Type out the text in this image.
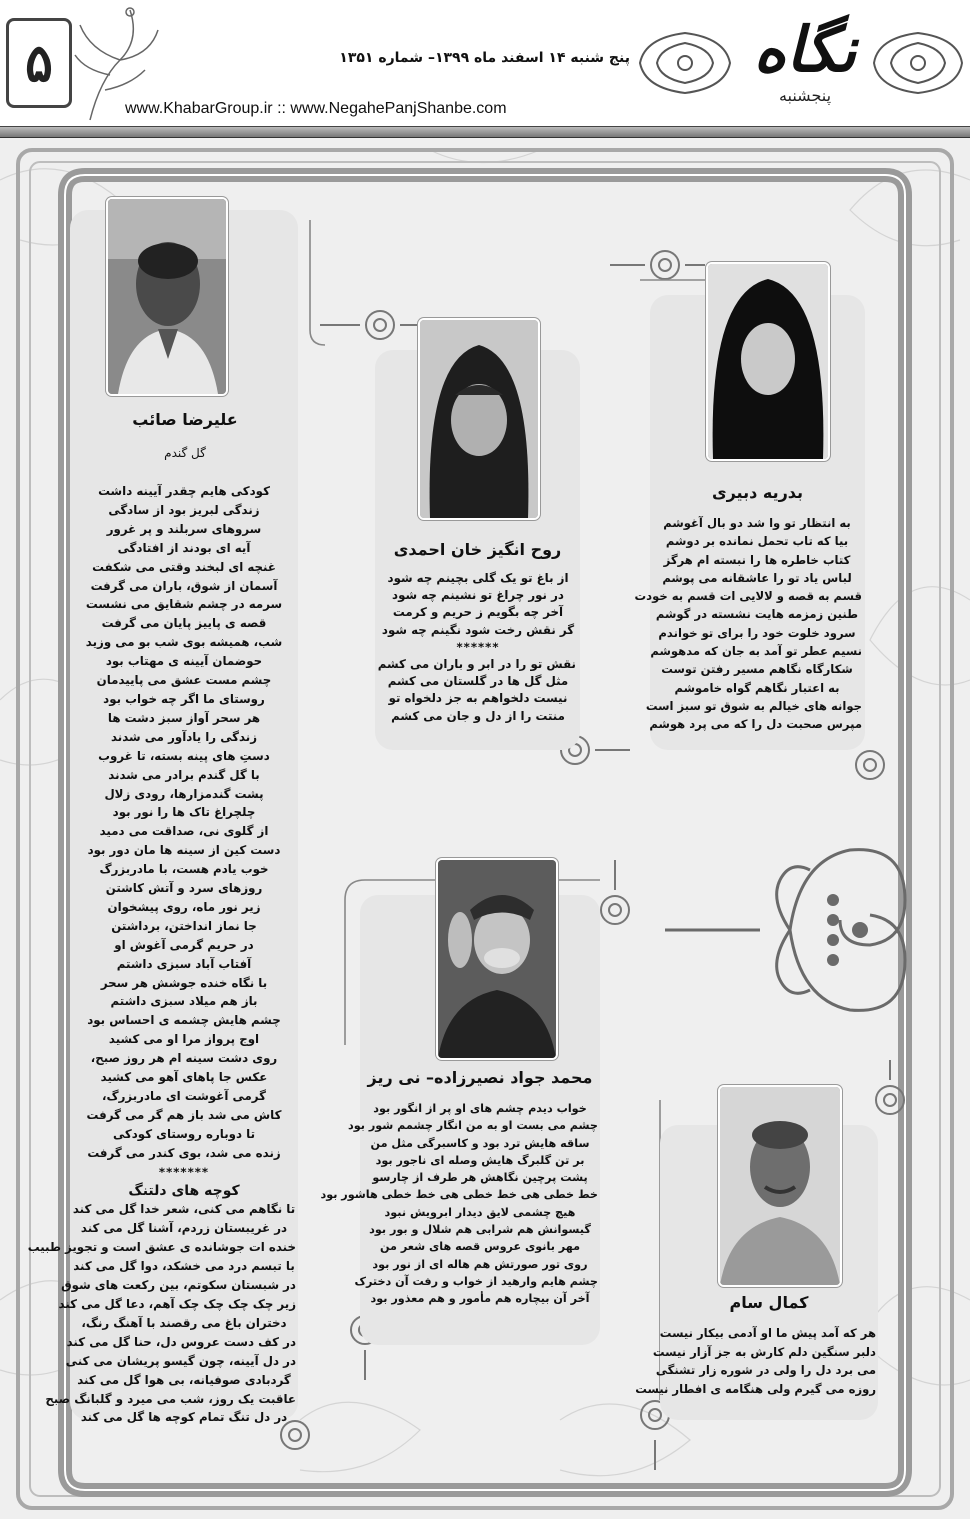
۵	پنج شنبه ۱۴ اسفند ماه ۱۳۹۹– شماره ۱۳۵۱
www.KhabarGroup.ir :: www.NegahePanjShanbe.com
نگاه
پنجشنبه
علیرضا صائب
گل گندم
کودکی هایم چقدر آیینه داشت
زندگی لبریز بود از سادگی
سروهای سربلند و پر غرور
آیه ای بودند از افتادگی
غنچه ای لبخند وقتی می شکفت
آسمان از شوق، باران می گرفت
سرمه در چشم شقایق می نشست
قصه ی پاییز پایان می گرفت
شب، همیشه بوی شب بو می وزید
حوضمان آیینه ی مهتاب بود
چشم مست عشق می پاییدمان
روستای ما اگر چه خواب بود
هر سحر آواز سبز دشت ها
زندگی را یادآور می شدند
دستِ های پینه بسته، تا غروب
با گل گندم برادر می شدند
پشت گندمزارها، رودی زلال
چلچراغ تاک ها را نور بود
از گلوی نی، صداقت می دمید
دست کین از سینه ها مان دور بود
خوب یادم هست، با مادربزرگ
روزهای سرد و آتش کاشتن
زیر نور ماه، روی پیشخوان
جا نماز انداختن، برداشتن
در حریم گرمی آغوش او
آفتاب آباد سبزی داشتم
با نگاه خنده جوشش هر سحر
باز هم میلاد سبزی داشتم
چشم هایش چشمه ی احساس بود
اوج پرواز مرا او می کشید
روی دشت سینه ام هر روز صبح،
عکس جا پاهای آهو می کشید
گرمی آغوشت ای مادربزرگ،
کاش می شد باز هم گر می گرفت
تا دوباره روستای کودکی
زنده می شد، بوی کندر می گرفت
*******
کوچه های دلتنگ
تا نگاهم می کنی، شعر خدا گل می کند
در غریبستان زردم، آشنا گل می کند
خنده ات جوشانده ی عشق است و تجویز طبیب
با تبسم درد می خشکد، دوا گل می کند
در شبستان سکوتم، بین رکعت های شوق
زیر چک چک چک چک آهم، دعا گل می کند
دختران باغ می رقصند با آهنگ رنگ،
در کف دست عروس دل، حنا گل می کند
در دل آیینه، چون گیسو پریشان می کنی
گردبادی صوفیانه، بی هوا گل می کند
عاقبت یک روز، شب می میرد و گلبانگ صبح
در دل تنگ تمام کوچه ها گل می کند
روح انگیز خان احمدی
از باغ تو یک گلی بچینم چه شود
در نور چراغ تو نشینم چه شود
آخر چه بگویم ز حریم و کرمت
گر نقش رخت شود نگینم چه شود
******
نقش تو را در ابر و باران می کشم
مثل گل ها در گلستان می کشم
نیست دلخواهم به جز دلخواه تو
منتت را از دل و جان می کشم
بدریه دبیری
به انتظار تو وا شد دو بال آغوشم
بیا که تاب تحمل نمانده بر دوشم
کتاب خاطره ها را نبسته ام هرگز
لباس یاد تو را عاشقانه می پوشم
قسم به قصه و لالایی ات قسم به خودت
طنین زمزمه هایت نشسته در گوشم
سرود خلوت خود را برای تو خواندم
نسیم عطر تو آمد به جان که مدهوشم
شکارگاه نگاهم مسیر رفتن توست
به اعتبار نگاهم گواه خاموشم
جوانه های خیالم به شوق تو سبز است
مپرس صحبت دل را که می پرد هوشم
محمد جواد نصیرزاده– نی ریز
خواب دیدم چشم های او پر از انگور بود
چشم می بست او به من انگار چشمم شور بود
ساقه هایش ترد بود و کاسبرگی مثل من
بر تن گلبرگ هایش وصله ای ناجور بود
پشت پرچین نگاهش هر طرف از چارسو
خط خطی هی خط خطی هی خط خطی هاشور بود
هیچ چشمی لایق دیدار ابرویش نبود
گیسوانش هم شرابی هم شلال و بور بود
مهر بانوی عروس قصه های شعر من
روی تور صورتش هم هاله ای از نور بود
چشم هایم وارهید از خواب و رفت آن دخترک
آخر آن بیچاره هم مأمور و هم معذور بود	کمال سام
هر که آمد پیش ما او آدمی بیکار نیست
دلبر سنگین دلم کارش به جز آزار نیست
می برد دل را ولی در شوره زار تشنگی
روزه می گیرم ولی هنگامه ی افطار نیست
